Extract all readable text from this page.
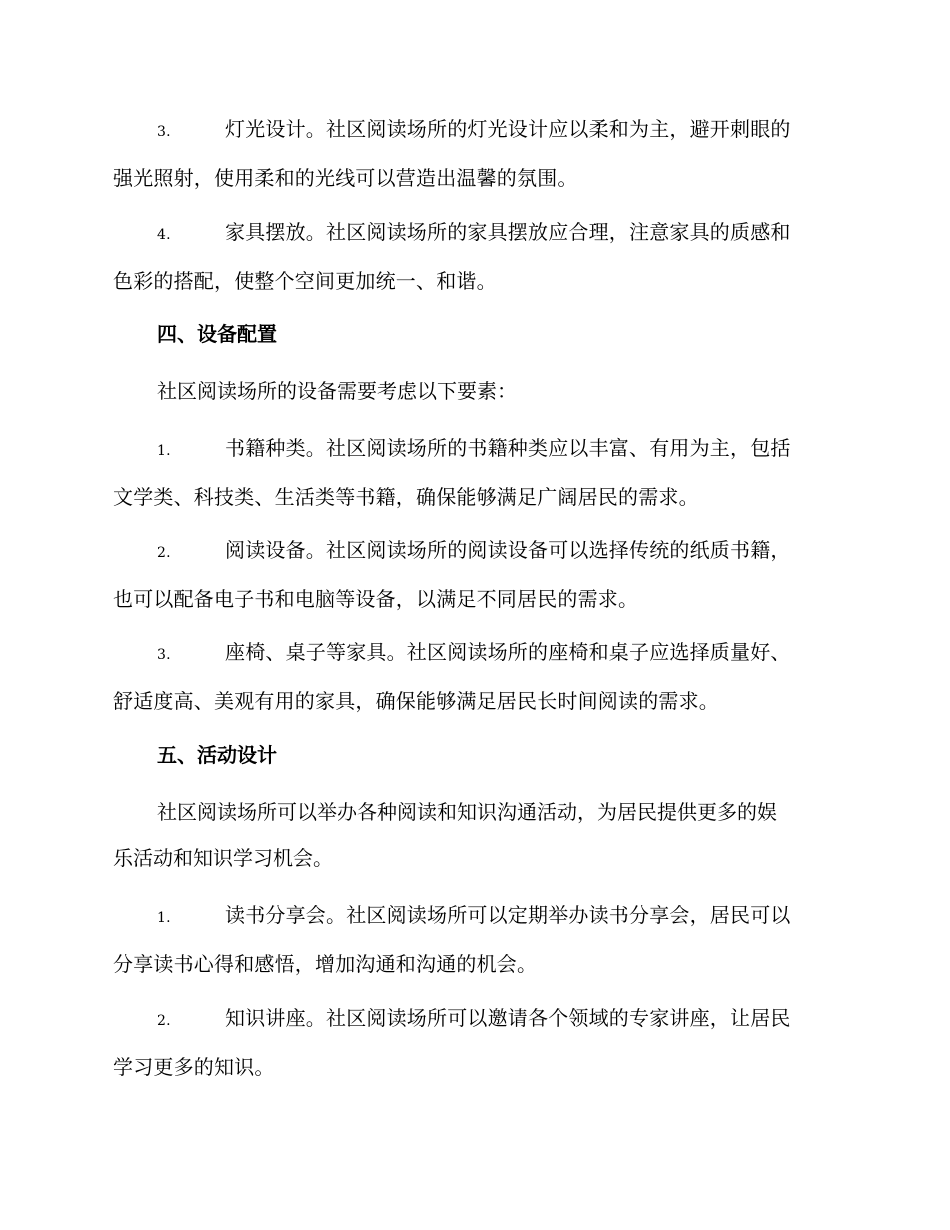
3.	灯光设计。社区阅读场所的灯光设计应以柔和为主，避开刺眼的
强光照射，使用柔和的光线可以营造出温馨的氛围。
4.	家具摆放。社区阅读场所的家具摆放应合理，注意家具的质感和
色彩的搭配，使整个空间更加统一、和谐。
四、设备配置
社区阅读场所的设备需要考虑以下要素：
1.	书籍种类。社区阅读场所的书籍种类应以丰富、有用为主，包括
文学类、科技类、生活类等书籍，确保能够满足广阔居民的需求。
2.	阅读设备。社区阅读场所的阅读设备可以选择传统的纸质书籍，
也可以配备电子书和电脑等设备，以满足不同居民的需求。
3.	座椅、桌子等家具。社区阅读场所的座椅和桌子应选择质量好、
舒适度高、美观有用的家具，确保能够满足居民长时间阅读的需求。
五、活动设计
社区阅读场所可以举办各种阅读和知识沟通活动，为居民提供更多的娱
乐活动和知识学习机会。
1.	读书分享会。社区阅读场所可以定期举办读书分享会，居民可以
分享读书心得和感悟，增加沟通和沟通的机会。
2.	知识讲座。社区阅读场所可以邀请各个领域的专家讲座，让居民
学习更多的知识。
